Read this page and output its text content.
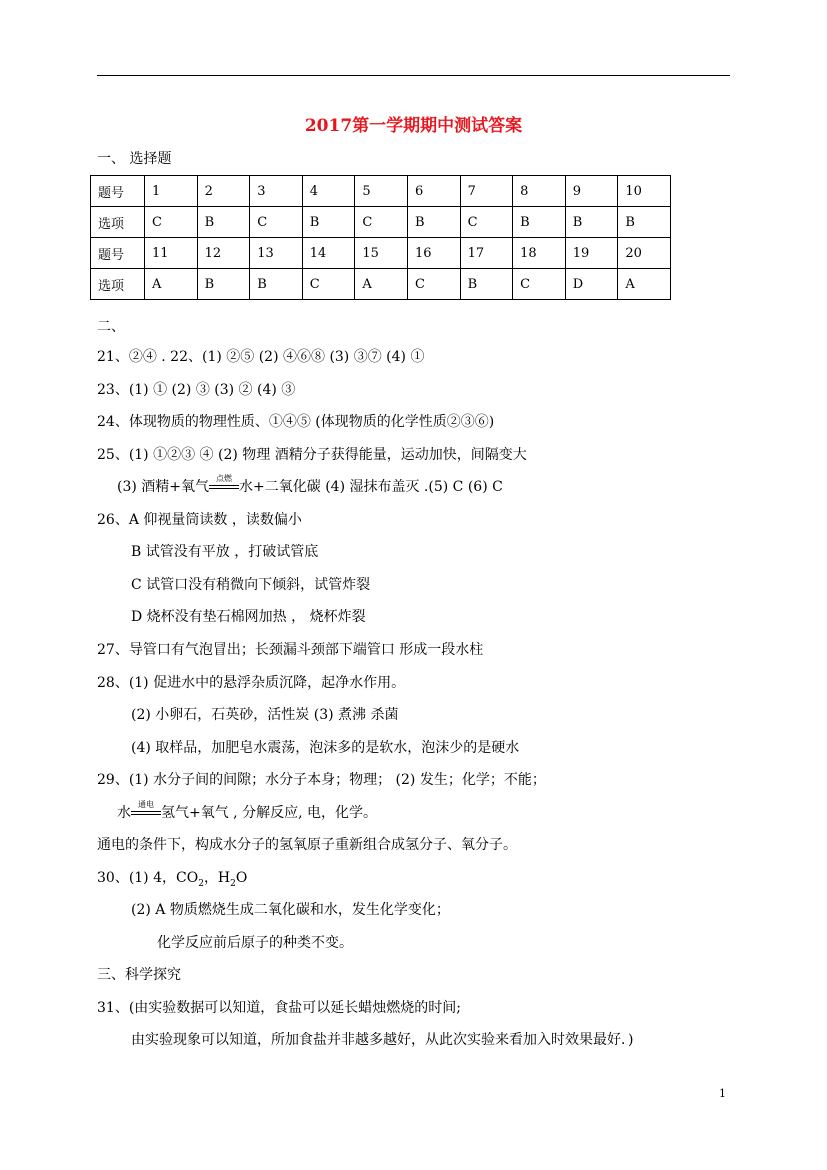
2017第一学期期中测试答案
一、 选择题
题号	1	2	3	4	5	6	7	8	9	10
选项	C	B	C	B	C	B	C	B	B	B
题号	11	12	13	14	15	16	17	18	19	20
选项	A	B	B	C	A	C	B	C	D	A
二、
21、②④ . 22、(1) ②⑤ (2) ④⑥⑧ (3) ③⑦ (4) ①
23、(1) ① (2) ③ (3) ② (4) ③
24、体现物质的物理性质、①④⑤ (体现物质的化学性质②③⑥)
25、(1) ①②③ ④ (2) 物理 酒精分子获得能量，运动加快，间隔变大
(3) 酒精+氧气
点燃
水+二氧化碳 (4) 湿抹布盖灭 .(5) C (6) C
26、A 仰视量筒读数 ，读数偏小
B 试管没有平放 ，打破试管底
C 试管口没有稍微向下倾斜，试管炸裂
D 烧杯没有垫石棉网加热 ， 烧杯炸裂
27、导管口有气泡冒出；长颈漏斗颈部下端管口 形成一段水柱
28、(1) 促进水中的悬浮杂质沉降，起净水作用。
(2) 小卵石，石英砂，活性炭 (3) 煮沸 杀菌
(4) 取样品，加肥皂水震荡，泡沫多的是软水，泡沫少的是硬水
29、(1) 水分子间的间隙；水分子本身；物理； (2) 发生；化学；不能；
水
通电
氢气+氧气 , 分解反应, 电，化学。
通电的条件下，构成水分子的氢氧原子重新组合成氢分子、氧分子。
30、(1) 4，$CO_2$，$H_2O$
(2) A 物质燃烧生成二氧化碳和水，发生化学变化；
化学反应前后原子的种类不变。
三、科学探究
31、(由实验数据可以知道，食盐可以延长蜡烛燃烧的时间;
由实验现象可以知道，所加食盐并非越多越好，从此次实验来看加入时效果最好．)
1
